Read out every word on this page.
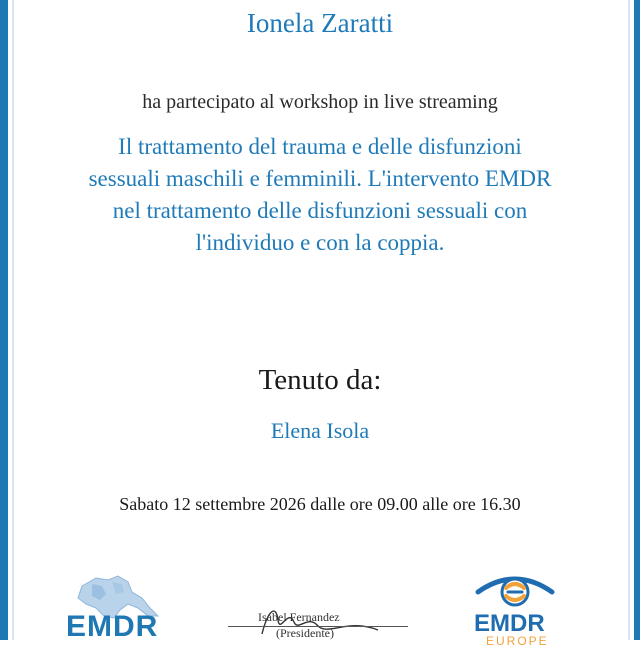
Ionela Zaratti
ha partecipato al workshop in live streaming
Il trattamento del trauma e delle disfunzioni
sessuali maschili e femminili. L'intervento EMDR
nel trattamento delle disfunzioni sessuali con
l'individuo e con la coppia.
Tenuto da:
Elena Isola
Sabato 12 settembre 2026 dalle ore 09.00 alle ore 16.30
EMDR	Isabel Fernandez
(Presidente)	EMDR
EUROPE
